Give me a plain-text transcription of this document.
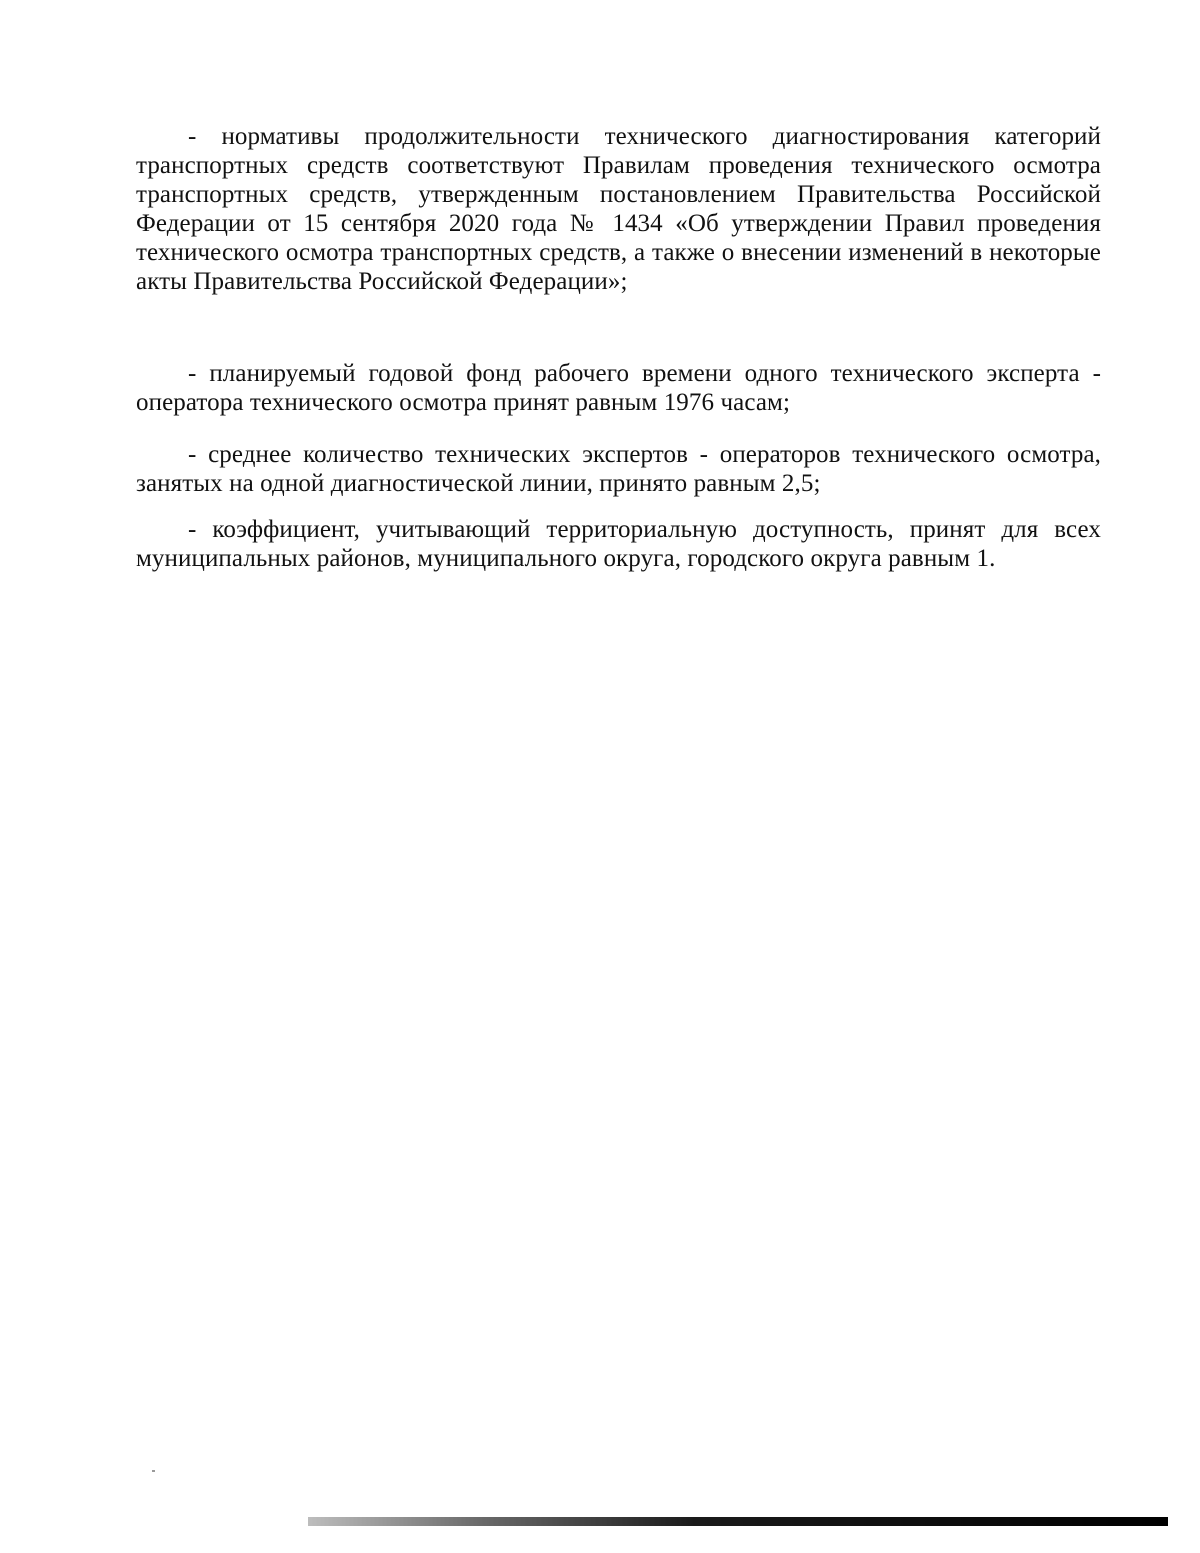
- нормативы продолжительности технического диагностирования категорий транспортных средств соответствуют Правилам проведения технического осмотра транспортных средств, утвержденным постановлением Правительства Российской Федерации от 15 сентября 2020 года № 1434 «Об утверждении Правил проведения технического осмотра транспортных средств, а также о внесении изменений в некоторые акты Правительства Российской Федерации»;

- планируемый годовой фонд рабочего времени одного технического эксперта - оператора технического осмотра принят равным 1976 часам;

- среднее количество технических экспертов - операторов технического осмотра, занятых на одной диагностической линии, принято равным 2,5;

- коэффициент, учитывающий территориальную доступность, принят для всех муниципальных районов, муниципального округа, городского округа равным 1.
